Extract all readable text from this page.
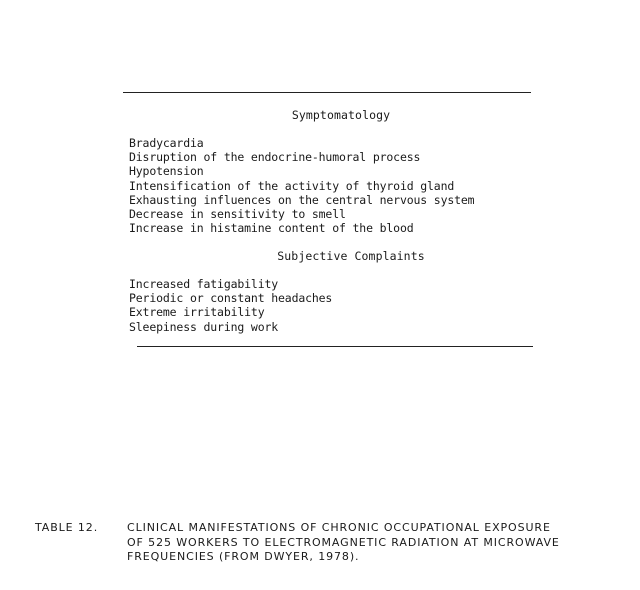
Symptomatology
Bradycardia
Disruption of the endocrine-humoral process
Hypotension
Intensification of the activity of thyroid gland
Exhausting influences on the central nervous system
Decrease in sensitivity to smell
Increase in histamine content of the blood
Subjective Complaints
Increased fatigability
Periodic or constant headaches
Extreme irritability
Sleepiness during work
TABLE 12.	CLINICAL MANIFESTATIONS OF CHRONIC OCCUPATIONAL EXPOSURE
OF 525 WORKERS TO ELECTROMAGNETIC RADIATION AT MICROWAVE
FREQUENCIES (FROM DWYER, 1978).
